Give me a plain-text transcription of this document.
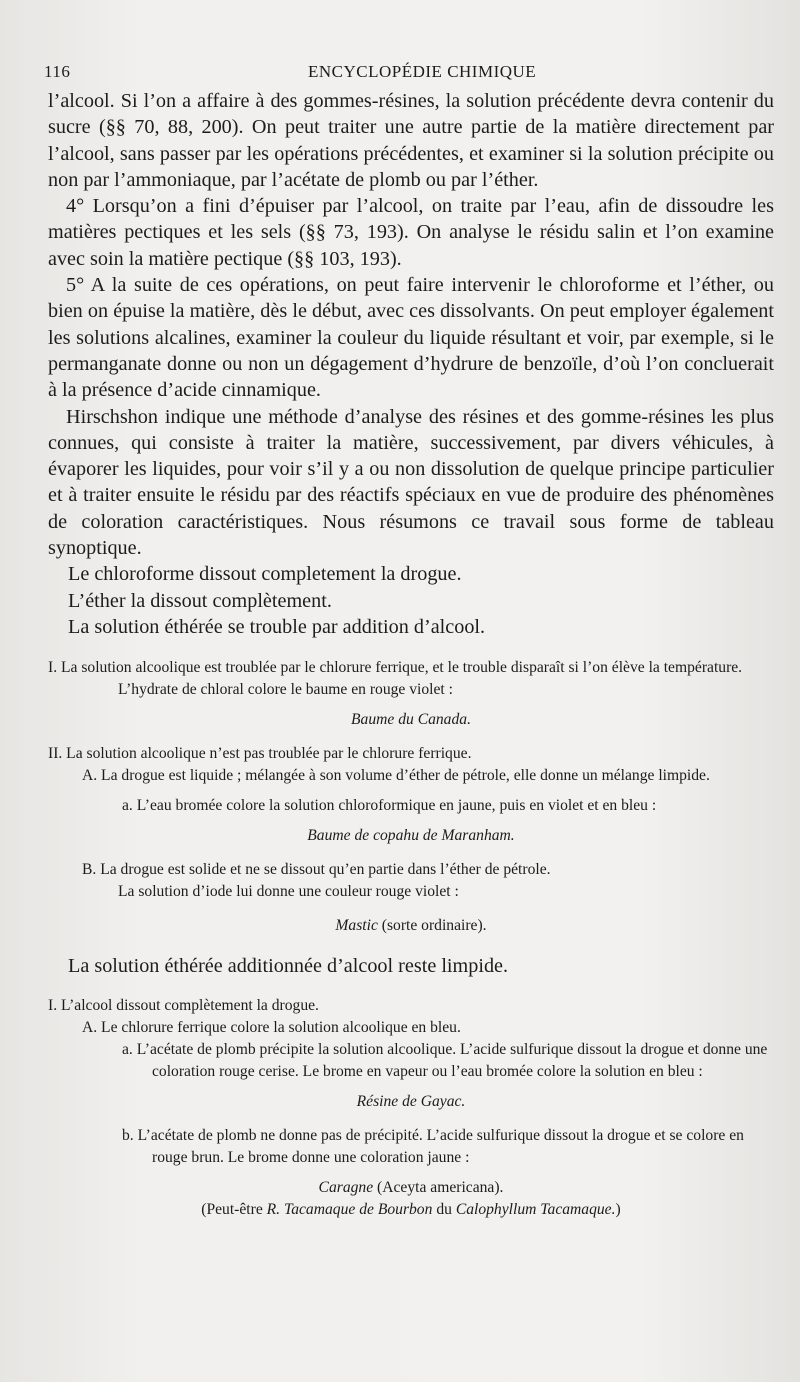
116	ENCYCLOPÉDIE CHIMIQUE

l’alcool. Si l’on a affaire à des gommes-résines, la solution précédente devra contenir du sucre (§§ 70, 88, 200). On peut traiter une autre partie de la matière directement par l’alcool, sans passer par les opérations précédentes, et examiner si la solution précipite ou non par l’ammoniaque, par l’acétate de plomb ou par l’éther.

4° Lorsqu’on a fini d’épuiser par l’alcool, on traite par l’eau, afin de dissoudre les matières pectiques et les sels (§§ 73, 193). On analyse le résidu salin et l’on examine avec soin la matière pectique (§§ 103, 193).

5° A la suite de ces opérations, on peut faire intervenir le chloroforme et l’éther, ou bien on épuise la matière, dès le début, avec ces dissolvants. On peut employer également les solutions alcalines, examiner la couleur du liquide résultant et voir, par exemple, si le permanganate donne ou non un dégagement d’hydrure de benzoïle, d’où l’on concluerait à la présence d’acide cinnamique.

Hirschshon indique une méthode d’analyse des résines et des gomme-résines les plus connues, qui consiste à traiter la matière, successivement, par divers véhicules, à évaporer les liquides, pour voir s’il y a ou non dissolution de quelque principe particulier et à traiter ensuite le résidu par des réactifs spéciaux en vue de produire des phénomènes de coloration caractéristiques. Nous résumons ce travail sous forme de tableau synoptique.

Le chloroforme dissout completement la drogue.

L’éther la dissout complètement.

La solution éthérée se trouble par addition d’alcool.

I. La solution alcoolique est troublée par le chlorure ferrique, et le trouble disparaît si l’on élève la température.

L’hydrate de chloral colore le baume en rouge violet :

Baume du Canada.

II. La solution alcoolique n’est pas troublée par le chlorure ferrique.

A. La drogue est liquide ; mélangée à son volume d’éther de pétrole, elle donne un mélange limpide.

a. L’eau bromée colore la solution chloroformique en jaune, puis en violet et en bleu :

Baume de copahu de Maranham.

B. La drogue est solide et ne se dissout qu’en partie dans l’éther de pétrole.

La solution d’iode lui donne une couleur rouge violet :

Mastic (sorte ordinaire).

La solution éthérée additionnée d’alcool reste limpide.

I. L’alcool dissout complètement la drogue.

A. Le chlorure ferrique colore la solution alcoolique en bleu.

a. L’acétate de plomb précipite la solution alcoolique. L’acide sulfurique dissout la drogue et donne une coloration rouge cerise. Le brome en vapeur ou l’eau bromée colore la solution en bleu :

Résine de Gayac.

b. L’acétate de plomb ne donne pas de précipité. L’acide sulfurique dissout la drogue et se colore en rouge brun. Le brome donne une coloration jaune :

Caragne (Aceyta americana).

(Peut-être R. Tacamaque de Bourbon du Calophyllum Tacamaque.)
